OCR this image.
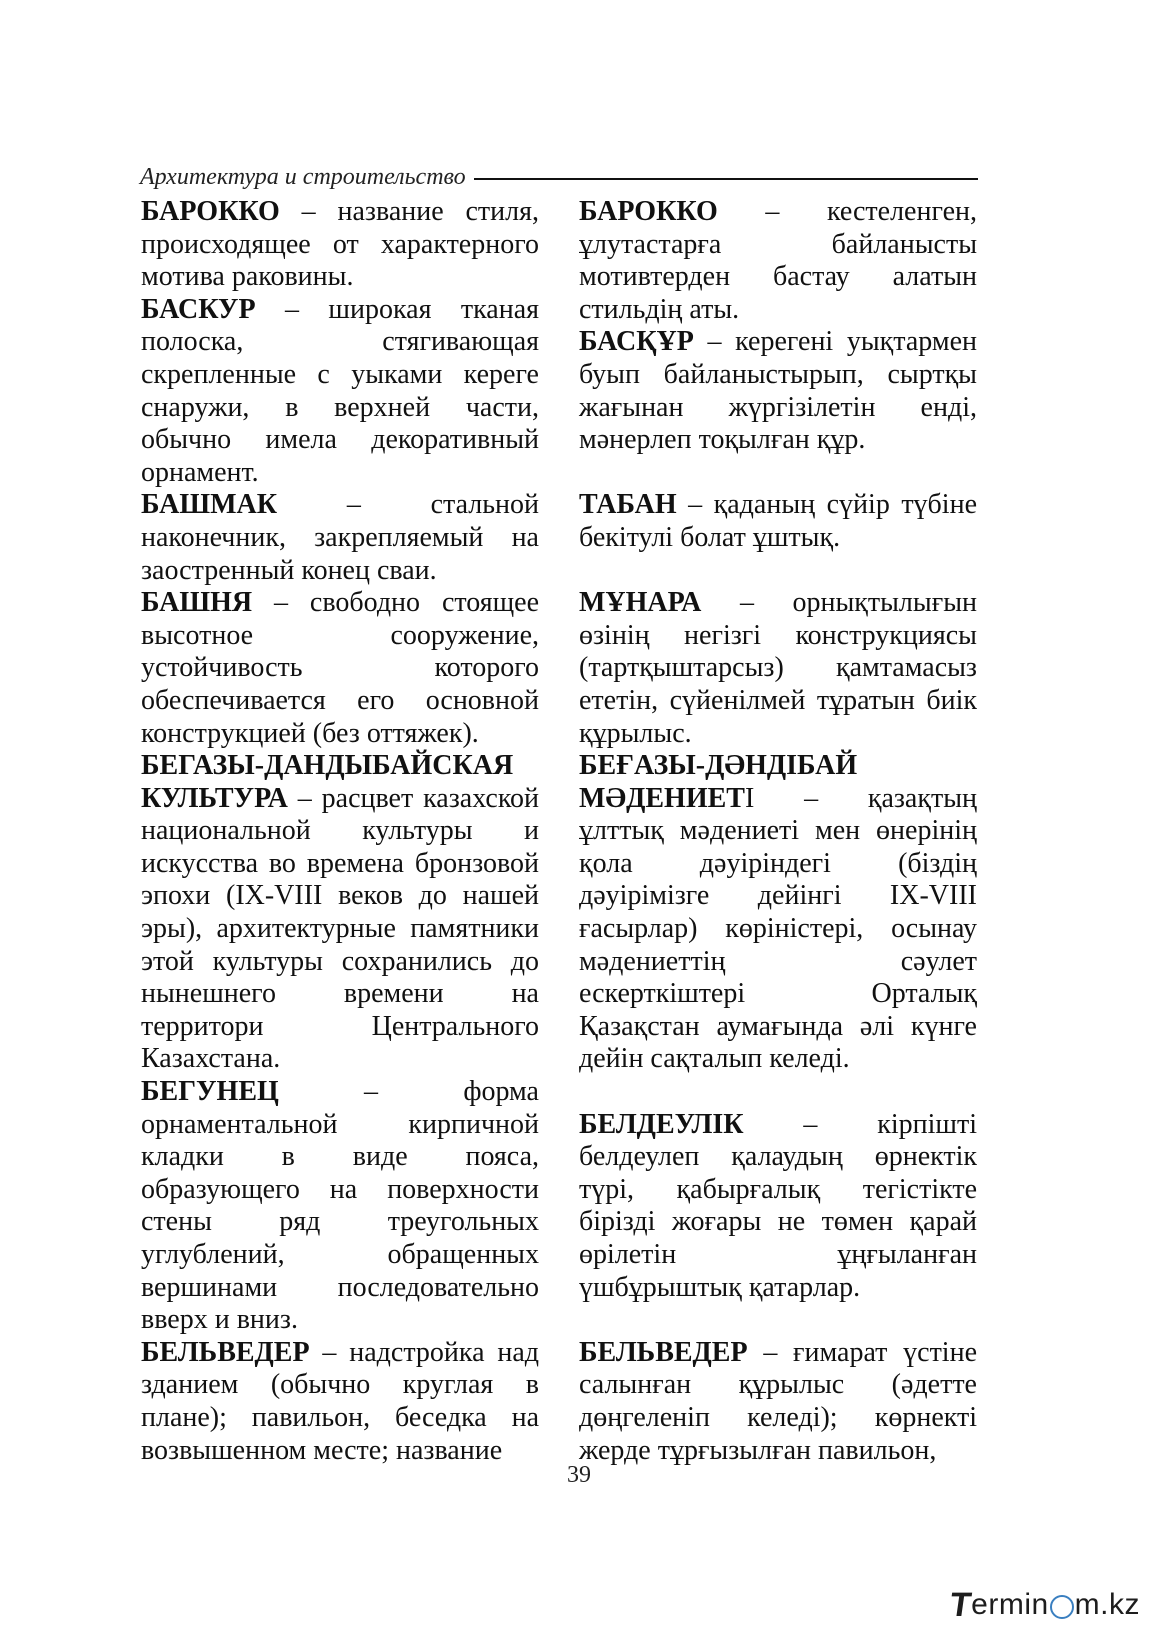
Архитектура и строительство

БАРОККО – название стиля, происходящее от характерного мотива раковины.

БАСКУР – широкая тканая полоска, стягивающая скрепленные с уыками кереге снаружи, в верхней части, обычно имела декоративный орнамент.

БАШМАК – стальной наконечник, закрепляемый на заостренный конец сваи.

БАШНЯ – свободно стоящее высотное сооружение, устойчивость которого обеспечивается его основной конструкцией (без оттяжек).

БЕГАЗЫ-ДАНДЫБАЙСКАЯ КУЛЬТУРА – расцвет казахской национальной культуры и искусства во времена бронзовой эпохи (IX-VIII веков до нашей эры), архитектурные памятники этой культуры сохранились до нынешнего времени на территори Центрального Казахстана.

БЕГУНЕЦ – форма орнаментальной кирпичной кладки в виде пояса, образующего на поверхности стены ряд треугольных углублений, обращенных вершинами последовательно вверх и вниз.

БЕЛЬВЕДЕР – надстройка над зданием (обычно круглая в плане); павильон, беседка на возвышенном месте; название

БАРОККО – кестеленген, ұлутастарға байланысты мотивтерден бастау алатын стильдің аты.

БАСҚҰР – керегені уықтармен буып байланыстырып, сыртқы жағынан жүргізілетін енді, мәнерлеп тоқылған құр.

ТАБАН – қаданың сүйір түбіне бекітулі болат ұштық.

МҰНАРА – орнықтылығын өзінің негізгі конструкциясы (тартқыштарсыз) қамтамасыз ететін, сүйенілмей тұратын биік құрылыс.

БЕҒАЗЫ-ДӘНДІБАЙ МӘДЕНИЕТІ – қазақтың ұлттық мәдениеті мен өнерінің қола дәуіріндегі (біздің дәуірімізге дейінгі IX-VIII ғасырлар) көріністері, осынау мәдениеттің сәулет ескерткіштері Орталық Қазақстан аумағында әлі күнге дейін сақталып келеді.

БЕЛДЕУЛІК – кірпішті белдеулеп қалаудың өрнектік түрі, қабырғалық тегістікте бірізді жоғары не төмен қарай өрілетін ұңғыланған үшбұрыштық қатарлар.

БЕЛЬВЕДЕР – ғимарат үстіне салынған құрылыс (әдетте дөңгеленіп келеді); көрнекті жерде тұрғызылған павильон,

39
T
ermin m.kz
